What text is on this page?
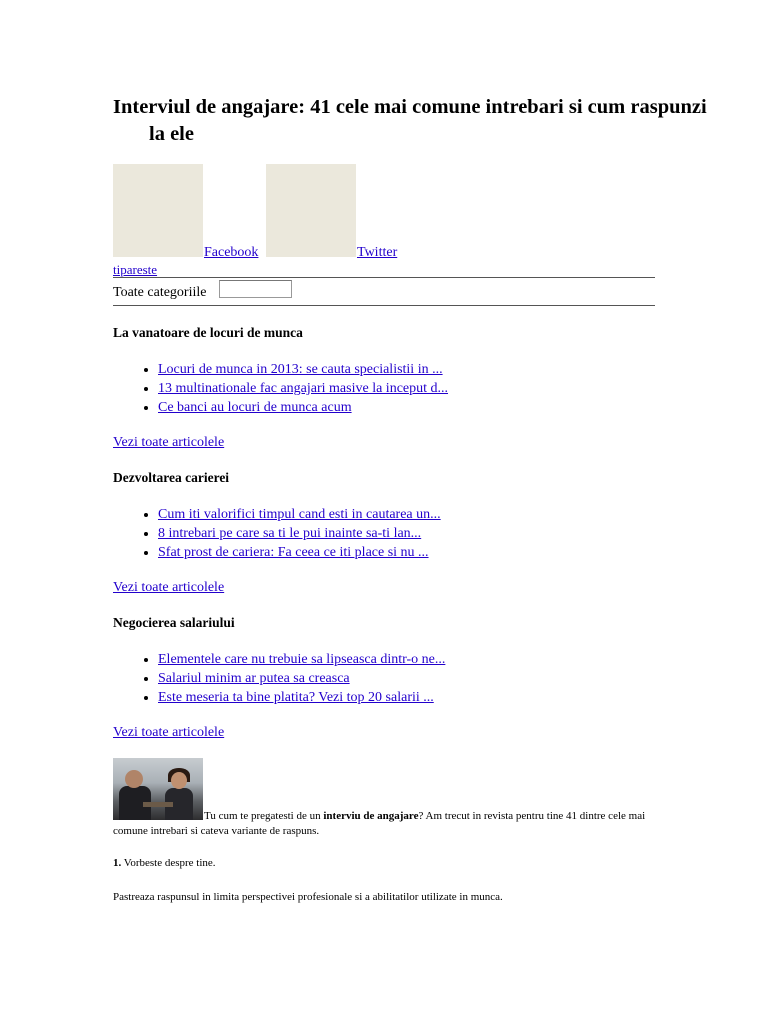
Interviul de angajare: 41 cele mai comune intrebari si cum raspunzi la ele
Facebook	Twitter
tipareste
Toate categoriile
La vanatoare de locuri de munca
• Locuri de munca in 2013: se cauta specialistii in ...
• 13 multinationale fac angajari masive la inceput d...
• Ce banci au locuri de munca acum
Vezi toate articolele
Dezvoltarea carierei
• Cum iti valorifici timpul cand esti in cautarea un...
• 8 intrebari pe care sa ti le pui inainte sa-ti lan...
• Sfat prost de cariera: Fa ceea ce iti place si nu ...
Vezi toate articolele
Negocierea salariului
• Elementele care nu trebuie sa lipseasca dintr-o ne...
• Salariul minim ar putea sa creasca
• Este meseria ta bine platita? Vezi top 20 salarii ...
Vezi toate articolele

Tu cum te pregatesti de un interviu de angajare? Am trecut in revista pentru tine 41 dintre cele mai comune intrebari si cateva variante de raspuns.

1. Vorbeste despre tine.

Pastreaza raspunsul in limita perspectivei profesionale si a abilitatilor utilizate in munca.
